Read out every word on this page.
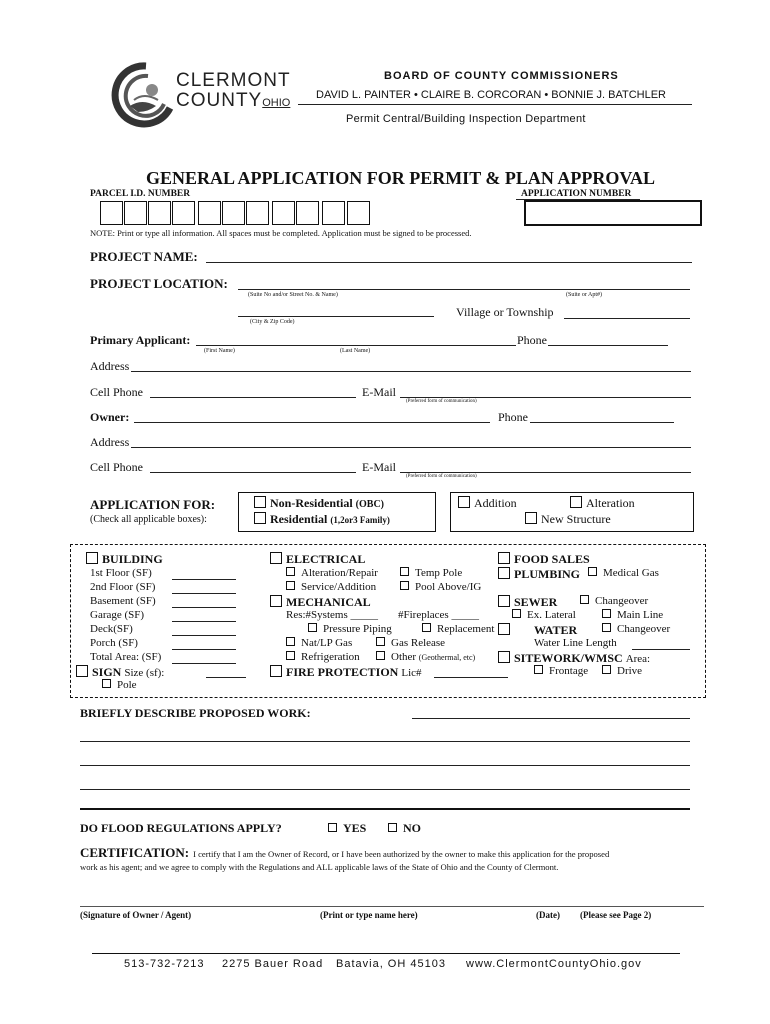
CLERMONT
COUNTYOHIO
BOARD OF COUNTY COMMISSIONERS
DAVID L. PAINTER • CLAIRE B. CORCORAN • BONNIE J. BATCHLER
Permit Central/Building Inspection Department
GENERAL APPLICATION FOR PERMIT & PLAN APPROVAL
PARCEL I.D. NUMBER	APPLICATION NUMBER
NOTE: Print or type all information. All spaces must be completed. Application must be signed to be processed.
PROJECT NAME:
PROJECT LOCATION:
(Suite No and/or Street No. & Name)	(Suite or Apt#)
Village or Township
(City & Zip Code)
Primary Applicant:	Phone
(First Name)	(Last Name)
Address
Cell Phone	E-Mail
(Preferred form of communication)
Owner:	Phone
Address
Cell Phone	E-Mail
(Preferred form of communication)
APPLICATION FOR:
(Check all applicable boxes):
Non-Residential (OBC)
Residential (1,2or3 Family)
Addition	Alteration
New Structure
BUILDING
1st Floor (SF)
2nd Floor (SF)
Basement (SF)
Garage (SF)
Deck(SF)
Porch (SF)
Total Area: (SF)
SIGN Size (sf):
Pole
ELECTRICAL
Alteration/Repair	Temp Pole
Service/Addition	Pool Above/IG
MECHANICAL
Res:#Systems _____ #Fireplaces _____
Pressure Piping	Replacement
Nat/LP Gas	Gas Release
Refrigeration	Other (Geothermal, etc)
FIRE PROTECTION Lic#
FOOD SALES
PLUMBING	Medical Gas
SEWER	Changeover
Ex. Lateral	Main Line
WATER	Changeover
Water Line Length
SITEWORK/WMSC Area:
Frontage	Drive
BRIEFLY DESCRIBE PROPOSED WORK:
DO FLOOD REGULATIONS APPLY?	YES	NO
CERTIFICATION: I certify that I am the Owner of Record, or I have been authorized by the owner to make this application for the proposed
work as his agent; and we agree to comply with the Regulations and ALL applicable laws of the State of Ohio and the County of Clermont.
(Signature of Owner / Agent)	(Print or type name here)	(Date) (Please see Page 2)
513-732-7213 2275 Bauer Road Batavia, OH 45103 www.ClermontCountyOhio.gov
